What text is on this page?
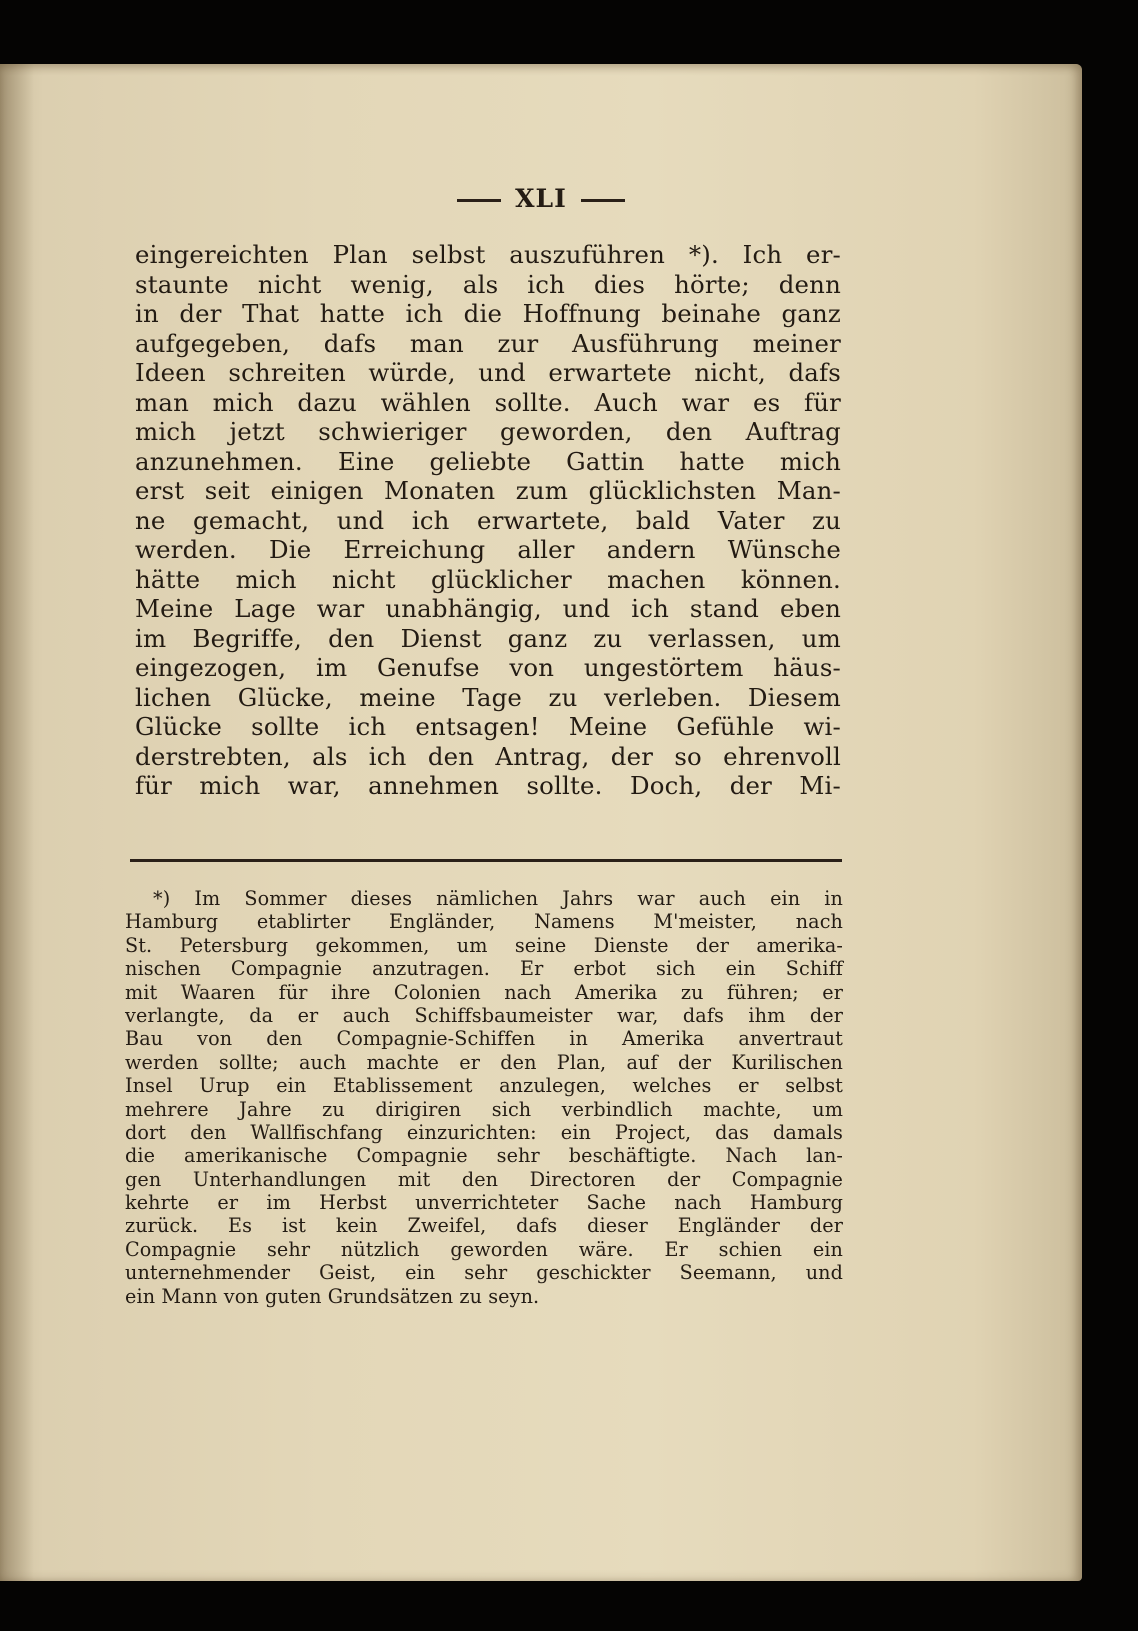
XLI
eingereichten Plan selbst auszuführen *). Ich er-
staunte nicht wenig, als ich dies hörte; denn
in der That hatte ich die Hoffnung beinahe ganz
aufgegeben, dafs man zur Ausführung meiner
Ideen schreiten würde, und erwartete nicht, dafs
man mich dazu wählen sollte. Auch war es für
mich jetzt schwieriger geworden, den Auftrag
anzunehmen. Eine geliebte Gattin hatte mich
erst seit einigen Monaten zum glücklichsten Man-
ne gemacht, und ich erwartete, bald Vater zu
werden. Die Erreichung aller andern Wünsche
hätte mich nicht glücklicher machen können.
Meine Lage war unabhängig, und ich stand eben
im Begriffe, den Dienst ganz zu verlassen, um
eingezogen, im Genufse von ungestörtem häus-
lichen Glücke, meine Tage zu verleben. Diesem
Glücke sollte ich entsagen! Meine Gefühle wi-
derstrebten, als ich den Antrag, der so ehrenvoll
für mich war, annehmen sollte. Doch, der Mi-
*) Im Sommer dieses nämlichen Jahrs war auch ein in
Hamburg etablirter Engländer, Namens M'meister, nach
St. Petersburg gekommen, um seine Dienste der amerika-
nischen Compagnie anzutragen. Er erbot sich ein Schiff
mit Waaren für ihre Colonien nach Amerika zu führen; er
verlangte, da er auch Schiffsbaumeister war, dafs ihm der
Bau von den Compagnie-Schiffen in Amerika anvertraut
werden sollte; auch machte er den Plan, auf der Kurilischen
Insel Urup ein Etablissement anzulegen, welches er selbst
mehrere Jahre zu dirigiren sich verbindlich machte, um
dort den Wallfischfang einzurichten: ein Project, das damals
die amerikanische Compagnie sehr beschäftigte. Nach lan-
gen Unterhandlungen mit den Directoren der Compagnie
kehrte er im Herbst unverrichteter Sache nach Hamburg
zurück. Es ist kein Zweifel, dafs dieser Engländer der
Compagnie sehr nützlich geworden wäre. Er schien ein
unternehmender Geist, ein sehr geschickter Seemann, und
ein Mann von guten Grundsätzen zu seyn.
